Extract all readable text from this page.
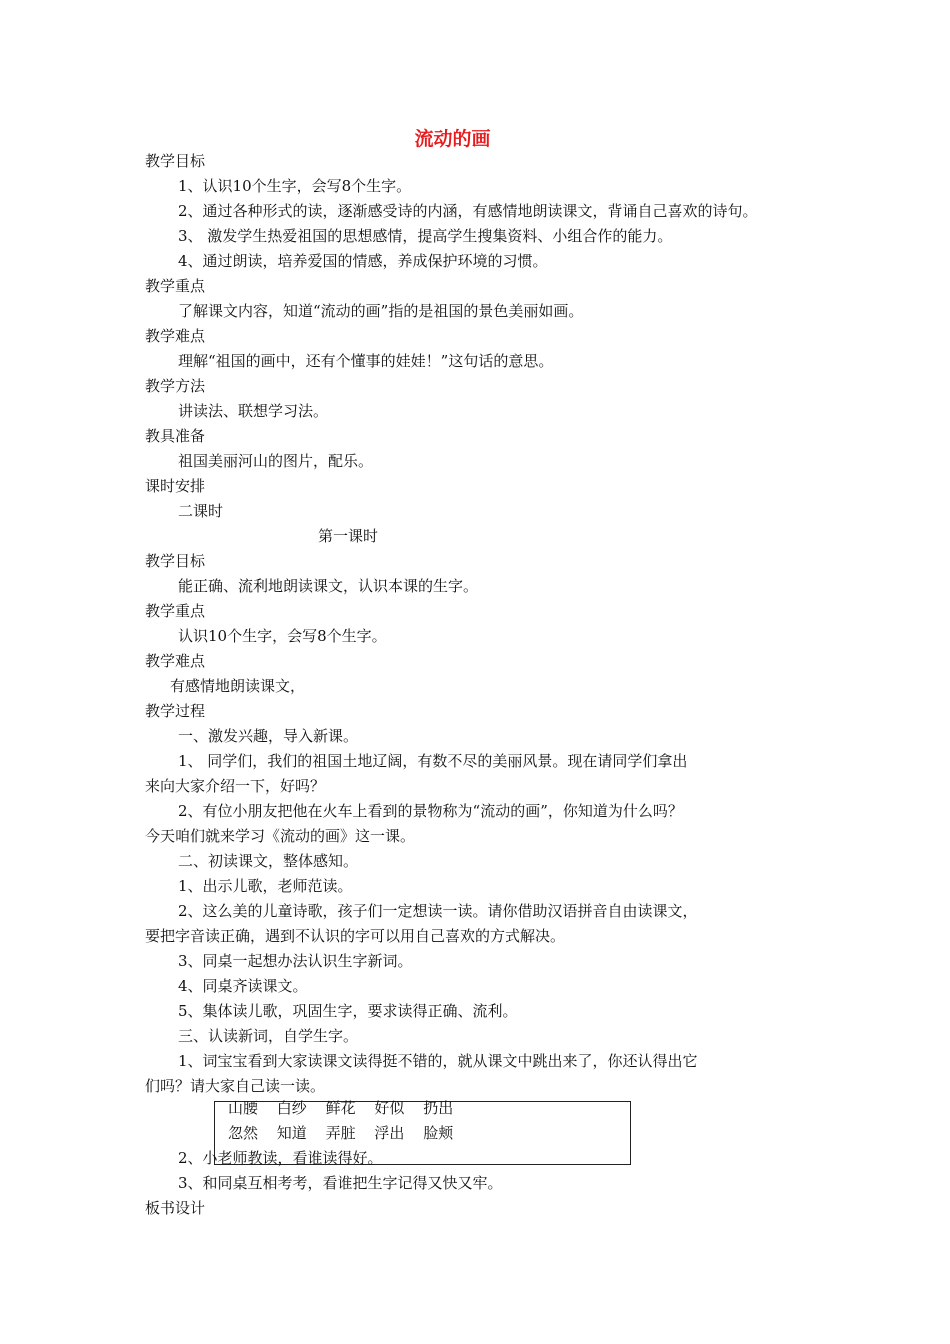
流动的画
教学目标
1、认识10个生字，会写8个生字。
2、通过各种形式的读，逐渐感受诗的内涵，有感情地朗读课文，背诵自己喜欢的诗句。
3、 激发学生热爱祖国的思想感情，提高学生搜集资料、小组合作的能力。
4、通过朗读，培养爱国的情感，养成保护环境的习惯。
教学重点
了解课文内容，知道“流动的画”指的是祖国的景色美丽如画。
教学难点
理解“祖国的画中，还有个懂事的娃娃！”这句话的意思。
教学方法
讲读法、联想学习法。
教具准备
祖国美丽河山的图片，配乐。
课时安排
二课时
第一课时
教学目标
能正确、流利地朗读课文，认识本课的生字。
教学重点
认识10个生字，会写8个生字。
教学难点
有感情地朗读课文，
教学过程
一、激发兴趣，导入新课。
1、 同学们，我们的祖国土地辽阔，有数不尽的美丽风景。现在请同学们拿出
来向大家介绍一下，好吗？
2、有位小朋友把他在火车上看到的景物称为“流动的画”，你知道为什么吗？
今天咱们就来学习《流动的画》这一课。
二、初读课文，整体感知。
1、出示儿歌，老师范读。
2、这么美的儿童诗歌，孩子们一定想读一读。请你借助汉语拼音自由读课文，
要把字音读正确，遇到不认识的字可以用自己喜欢的方式解决。
3、同桌一起想办法认识生字新词。
4、同桌齐读课文。
5、集体读儿歌，巩固生字，要求读得正确、流利。
三、认读新词，自学生字。
1、词宝宝看到大家读课文读得挺不错的，就从课文中跳出来了，你还认得出它
们吗？请大家自己读一读。
山腰 白纱 鲜花 好似 扔出
忽然 知道 弄脏 浮出 脸颊
2、小老师教读，看谁读得好。
3、和同桌互相考考，看谁把生字记得又快又牢。
板书设计
